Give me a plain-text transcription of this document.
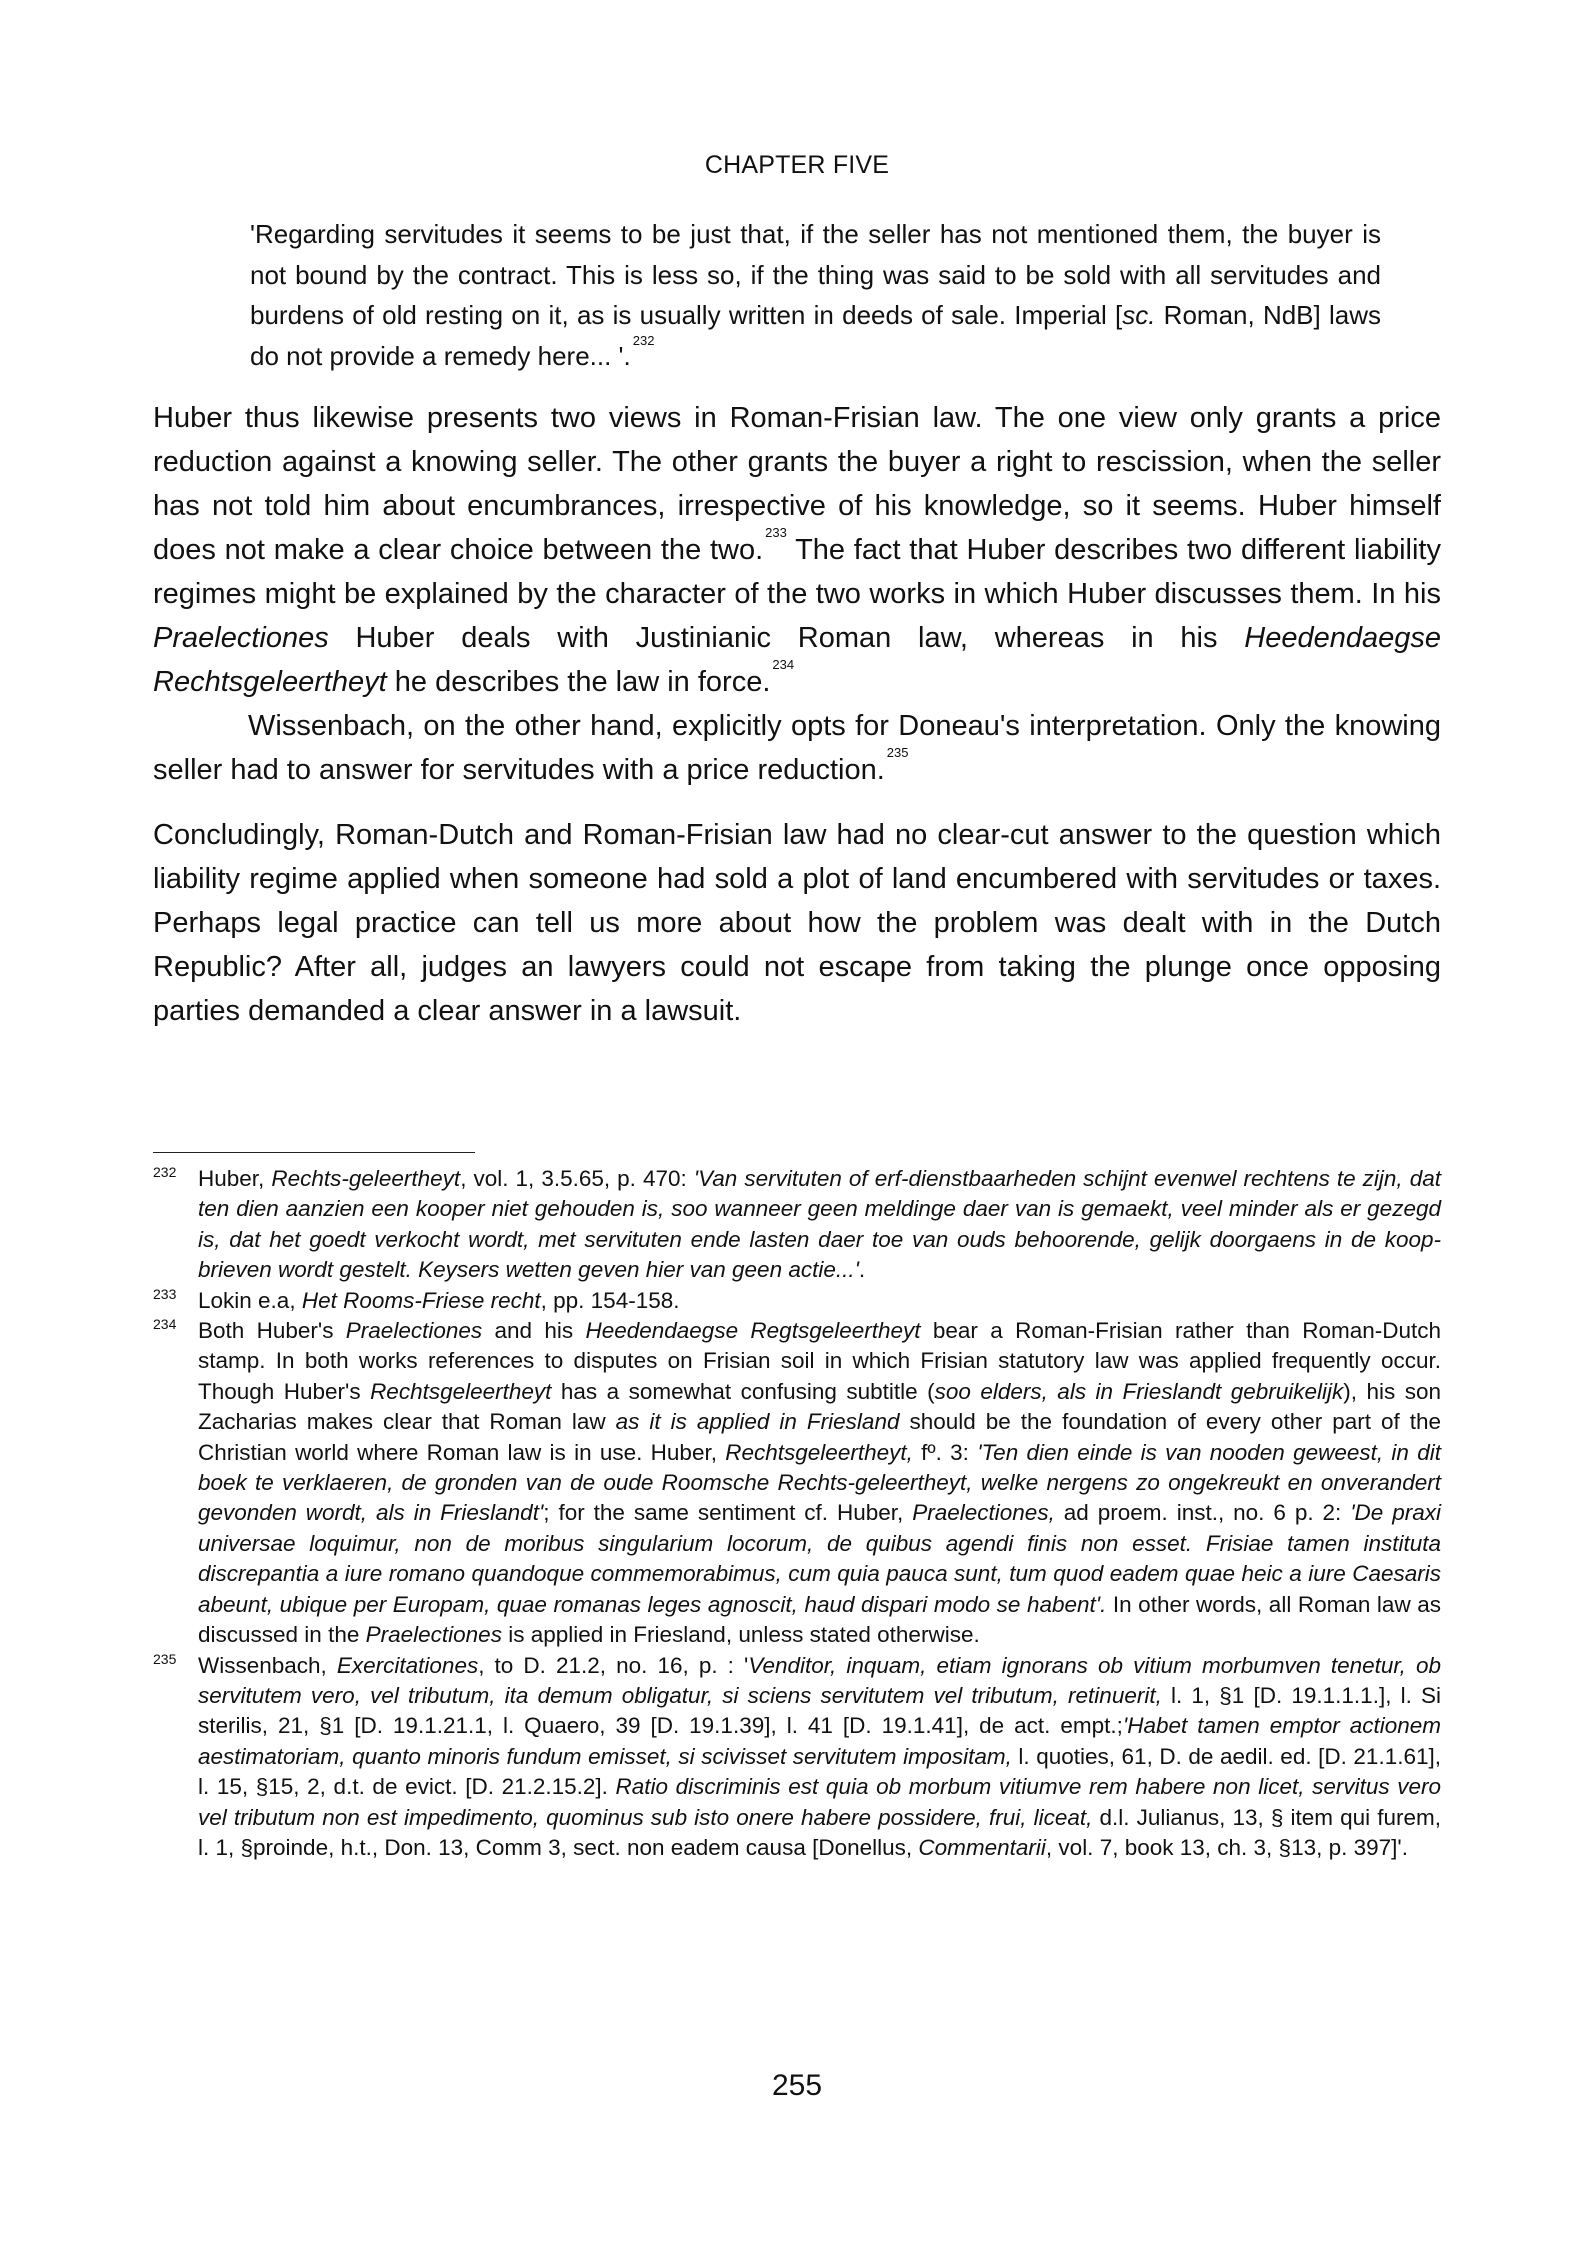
CHAPTER FIVE
'Regarding servitudes it seems to be just that, if the seller has not mentioned them, the buyer is not bound by the contract. This is less so, if the thing was said to be sold with all servitudes and burdens of old resting on it, as is usually written in deeds of sale. Imperial [sc. Roman, NdB] laws do not provide a remedy here... '.$^{232}$

Huber thus likewise presents two views in Roman-Frisian law. The one view only grants a price reduction against a knowing seller. The other grants the buyer a right to rescission, when the seller has not told him about encumbrances, irrespective of his knowledge, so it seems. Huber himself does not make a clear choice between the two.$^{233}$ The fact that Huber describes two different liability regimes might be explained by the character of the two works in which Huber discusses them. In his Praelectiones Huber deals with Justinianic Roman law, whereas in his Heedendaegse Rechtsgeleertheyt he describes the law in force.$^{234}$

Wissenbach, on the other hand, explicitly opts for Doneau's interpretation. Only the knowing seller had to answer for servitudes with a price reduction.$^{235}$

Concludingly, Roman-Dutch and Roman-Frisian law had no clear-cut answer to the question which liability regime applied when someone had sold a plot of land encumbered with servitudes or taxes. Perhaps legal practice can tell us more about how the problem was dealt with in the Dutch Republic? After all, judges an lawyers could not escape from taking the plunge once opposing parties demanded a clear answer in a lawsuit.

232 Huber, Rechts-geleertheyt, vol. 1, 3.5.65, p. 470: 'Van servituten of erf-dienstbaarheden schijnt evenwel rechtens te zijn, dat ten dien aanzien een kooper niet gehouden is, soo wanneer geen meldinge daer van is gemaekt, veel minder als er gezegd is, dat het goedt verkocht wordt, met servituten ende lasten daer toe van ouds behoorende, gelijk doorgaens in de koop-brieven wordt gestelt. Keysers wetten geven hier van geen actie...'.
233 Lokin e.a, Het Rooms-Friese recht, pp. 154-158.
234 Both Huber's Praelectiones and his Heedendaegse Regtsgeleertheyt bear a Roman-Frisian rather than Roman-Dutch stamp. In both works references to disputes on Frisian soil in which Frisian statutory law was applied frequently occur. Though Huber's Rechtsgeleertheyt has a somewhat confusing subtitle (soo elders, als in Frieslandt gebruikelijk), his son Zacharias makes clear that Roman law as it is applied in Friesland should be the foundation of every other part of the Christian world where Roman law is in use. Huber, Rechtsgeleertheyt, fº. 3: 'Ten dien einde is van nooden geweest, in dit boek te verklaeren, de gronden van de oude Roomsche Rechts-geleertheyt, welke nergens zo ongekreukt en onverandert gevonden wordt, als in Frieslandt'; for the same sentiment cf. Huber, Praelectiones, ad proem. inst., no. 6 p. 2: 'De praxi universae loquimur, non de moribus singularium locorum, de quibus agendi finis non esset. Frisiae tamen instituta discrepantia a iure romano quandoque commemorabimus, cum quia pauca sunt, tum quod eadem quae heic a iure Caesaris abeunt, ubique per Europam, quae romanas leges agnoscit, haud dispari modo se habent'. In other words, all Roman law as discussed in the Praelectiones is applied in Friesland, unless stated otherwise.
235 Wissenbach, Exercitationes, to D. 21.2, no. 16, p. : 'Venditor, inquam, etiam ignorans ob vitium morbumven tenetur, ob servitutem vero, vel tributum, ita demum obligatur, si sciens servitutem vel tributum, retinuerit, l. 1, §1 [D. 19.1.1.1.], l. Si sterilis, 21, §1 [D. 19.1.21.1, l. Quaero, 39 [D. 19.1.39], l. 41 [D. 19.1.41], de act. empt.;'Habet tamen emptor actionem aestimatoriam, quanto minoris fundum emisset, si scivisset servitutem impositam, l. quoties, 61, D. de aedil. ed. [D. 21.1.61], l. 15, §15, 2, d.t. de evict. [D. 21.2.15.2]. Ratio discriminis est quia ob morbum vitiumve rem habere non licet, servitus vero vel tributum non est impedimento, quominus sub isto onere habere possidere, frui, liceat, d.l. Julianus, 13, § item qui furem, l. 1, §proinde, h.t., Don. 13, Comm 3, sect. non eadem causa [Donellus, Commentarii, vol. 7, book 13, ch. 3, §13, p. 397]'.
255
